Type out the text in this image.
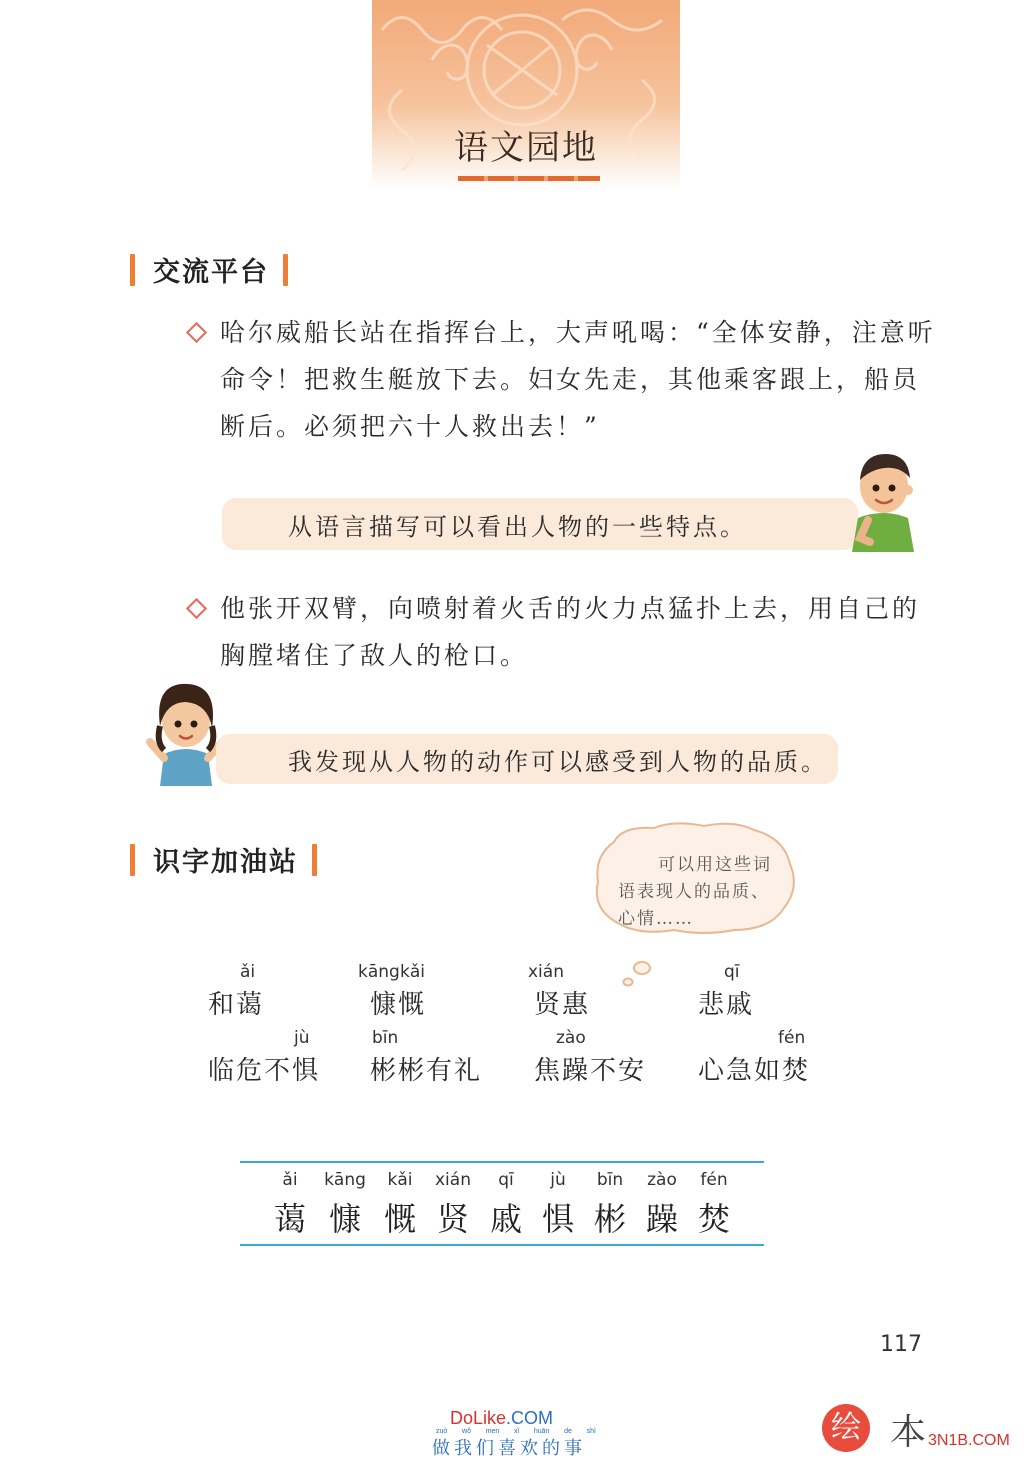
语文园地
交流平台
哈尔威船长站在指挥台上，大声吼喝：“全体安静，注意听
命令！把救生艇放下去。妇女先走，其他乘客跟上，船员
断后。必须把六十人救出去！”
从语言描写可以看出人物的一些特点。
他张开双臂，向喷射着火舌的火力点猛扑上去，用自己的
胸膛堵住了敌人的枪口。
我发现从人物的动作可以感受到人物的品质。
识字加油站	可以用这些词
语表现人的品质、
心情……
ǎi
和蔼
kāng kǎi
慷慨
xián
贤惠
qī
悲戚
jù
临危不惧
bīn
彬彬有礼
zào
焦躁不安
fén
心急如焚
ǎi
蔼
kāng
慷
kǎi
慨
xián
贤
qī
戚
jù
惧
bīn
彬
zào
躁
fén
焚
117
DoLike.COM
zuò wǒ men xǐ huān de shì
做我们喜欢的事
绘 本 3N1B.COM
